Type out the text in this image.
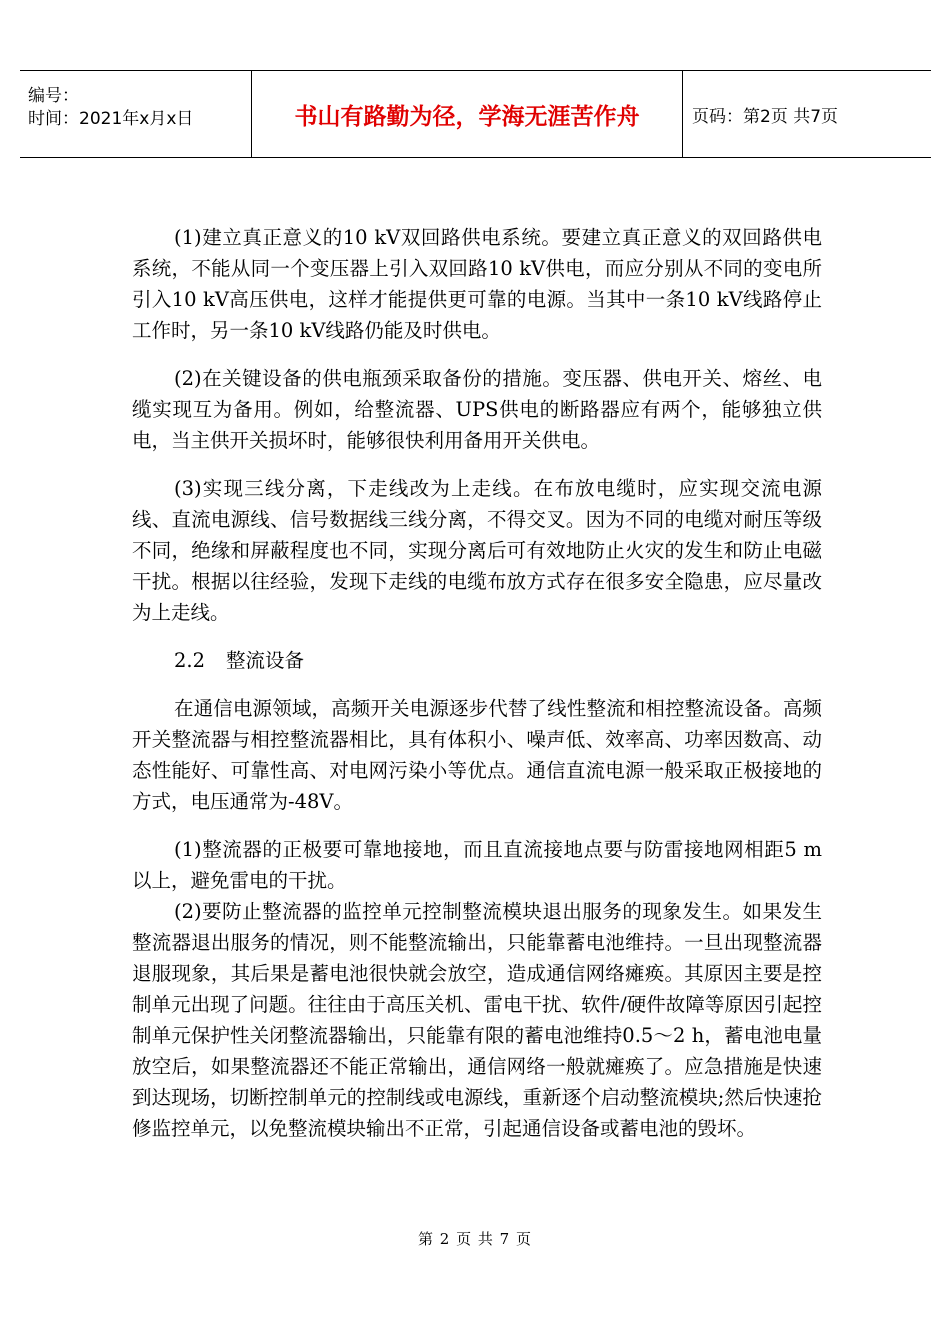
编号：
时间：2021年x月x日	书山有路勤为径，学海无涯苦作舟	页码：第2页 共7页

(1)建立真正意义的10 kV双回路供电系统。要建立真正意义的双回路供电系统，不能从同一个变压器上引入双回路10 kV供电，而应分别从不同的变电所引入10 kV高压供电，这样才能提供更可靠的电源。当其中一条10 kV线路停止工作时，另一条10 kV线路仍能及时供电。

(2)在关键设备的供电瓶颈采取备份的措施。变压器、供电开关、熔丝、电缆实现互为备用。例如，给整流器、UPS供电的断路器应有两个，能够独立供电，当主供开关损坏时，能够很快利用备用开关供电。

(3)实现三线分离，下走线改为上走线。在布放电缆时，应实现交流电源线、直流电源线、信号数据线三线分离，不得交叉。因为不同的电缆对耐压等级不同，绝缘和屏蔽程度也不同，实现分离后可有效地防止火灾的发生和防止电磁干扰。根据以往经验，发现下走线的电缆布放方式存在很多安全隐患，应尽量改为上走线。

2.2 整流设备

在通信电源领域，高频开关电源逐步代替了线性整流和相控整流设备。高频开关整流器与相控整流器相比，具有体积小、噪声低、效率高、功率因数高、动态性能好、可靠性高、对电网污染小等优点。通信直流电源一般采取正极接地的方式，电压通常为-48V。

(1)整流器的正极要可靠地接地，而且直流接地点要与防雷接地网相距5 m以上，避免雷电的干扰。

(2)要防止整流器的监控单元控制整流模块退出服务的现象发生。如果发生整流器退出服务的情况，则不能整流输出，只能靠蓄电池维持。一旦出现整流器退服现象，其后果是蓄电池很快就会放空，造成通信网络瘫痪。其原因主要是控制单元出现了问题。往往由于高压关机、雷电干扰、软件/硬件故障等原因引起控制单元保护性关闭整流器输出，只能靠有限的蓄电池维持0.5～2 h，蓄电池电量放空后，如果整流器还不能正常输出，通信网络一般就瘫痪了。应急措施是快速到达现场，切断控制单元的控制线或电源线，重新逐个启动整流模块;然后快速抢修监控单元，以免整流模块输出不正常，引起通信设备或蓄电池的毁坏。

第 2 页 共 7 页
